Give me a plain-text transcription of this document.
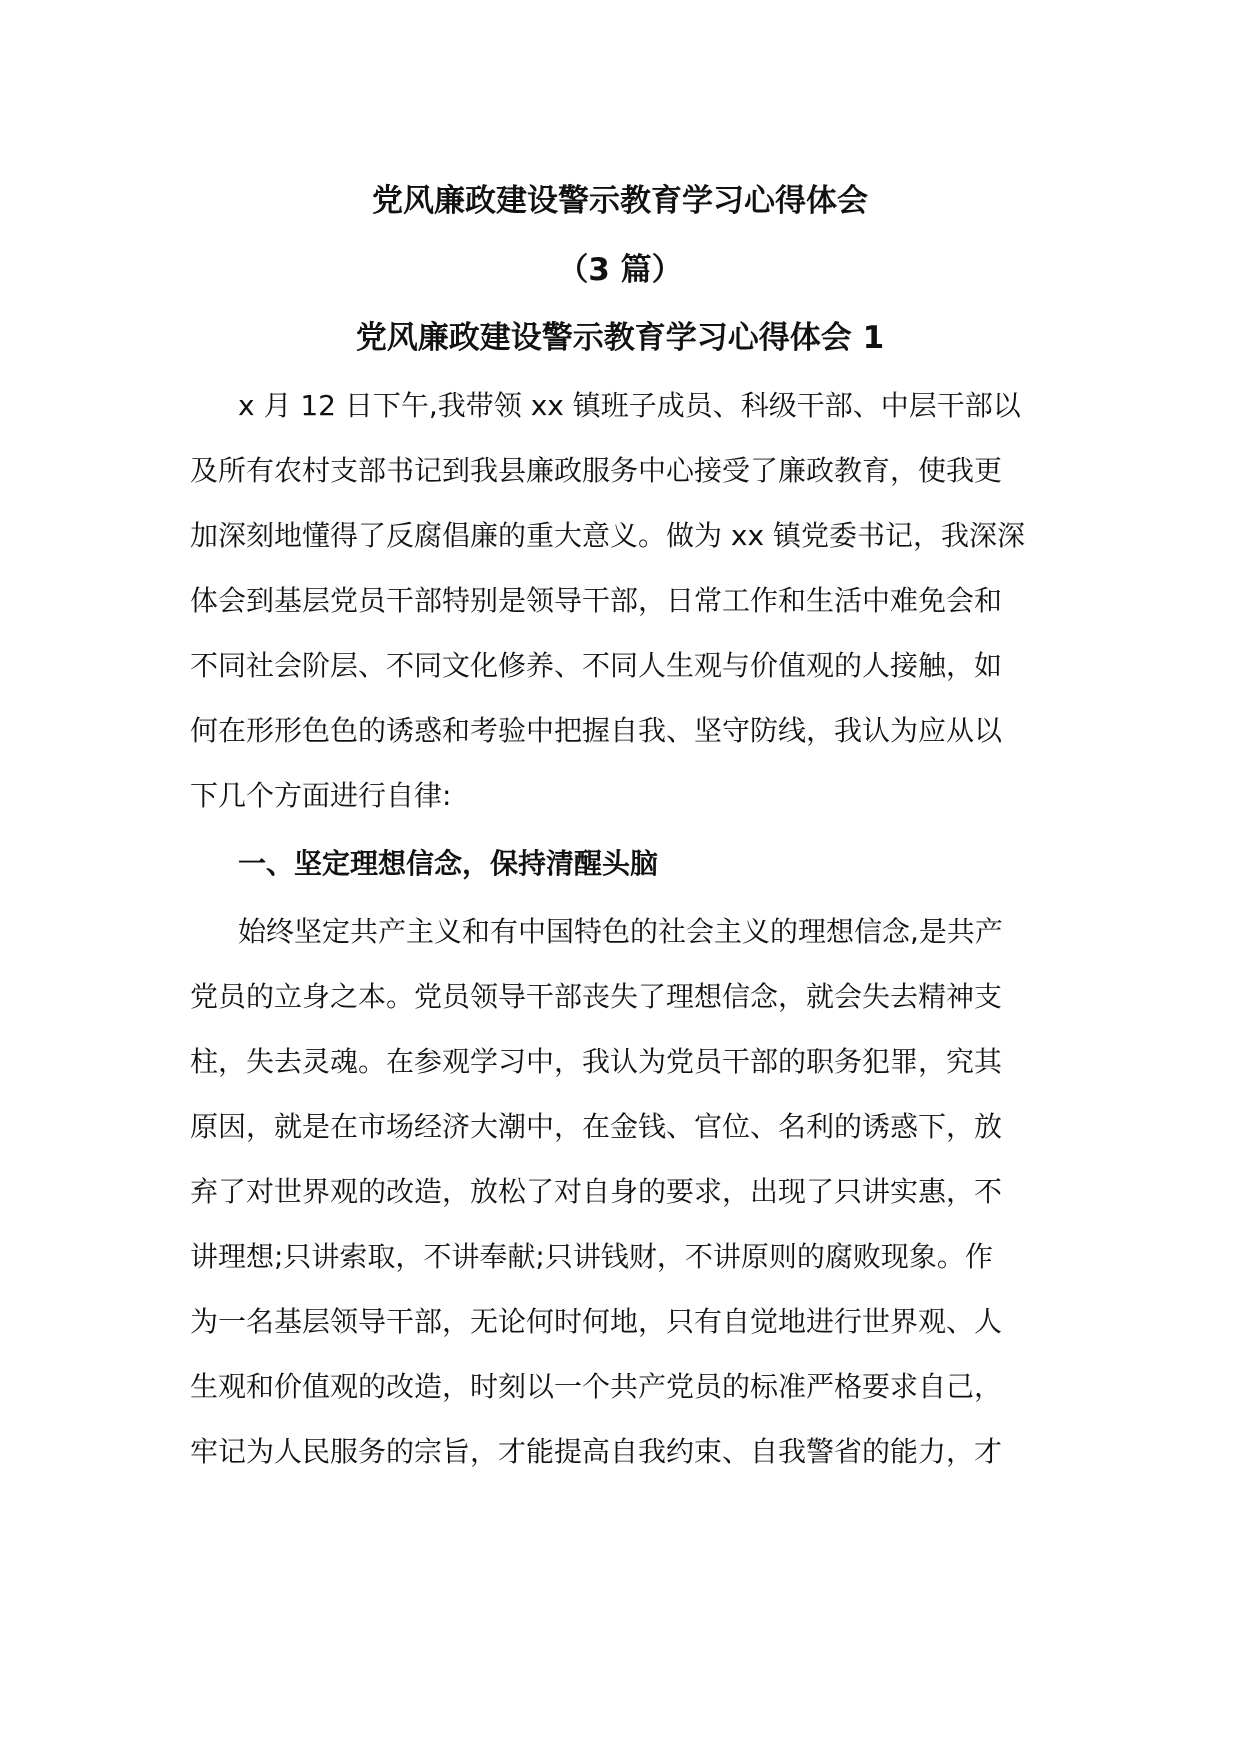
党风廉政建设警示教育学习心得体会
（3 篇）
党风廉政建设警示教育学习心得体会 1

x 月 12 日下午,我带领 xx 镇班子成员、科级干部、中层干部以

及所有农村支部书记到我县廉政服务中心接受了廉政教育，使我更

加深刻地懂得了反腐倡廉的重大意义。做为 xx 镇党委书记，我深深

体会到基层党员干部特别是领导干部，日常工作和生活中难免会和

不同社会阶层、不同文化修养、不同人生观与价值观的人接触，如

何在形形色色的诱惑和考验中把握自我、坚守防线，我认为应从以

下几个方面进行自律:

一、坚定理想信念，保持清醒头脑

始终坚定共产主义和有中国特色的社会主义的理想信念,是共产

党员的立身之本。党员领导干部丧失了理想信念，就会失去精神支

柱，失去灵魂。在参观学习中，我认为党员干部的职务犯罪，究其

原因，就是在市场经济大潮中，在金钱、官位、名利的诱惑下，放

弃了对世界观的改造，放松了对自身的要求，出现了只讲实惠，不

讲理想;只讲索取，不讲奉献;只讲钱财，不讲原则的腐败现象。作

为一名基层领导干部，无论何时何地，只有自觉地进行世界观、人

生观和价值观的改造，时刻以一个共产党员的标准严格要求自己，

牢记为人民服务的宗旨，才能提高自我约束、自我警省的能力，才
